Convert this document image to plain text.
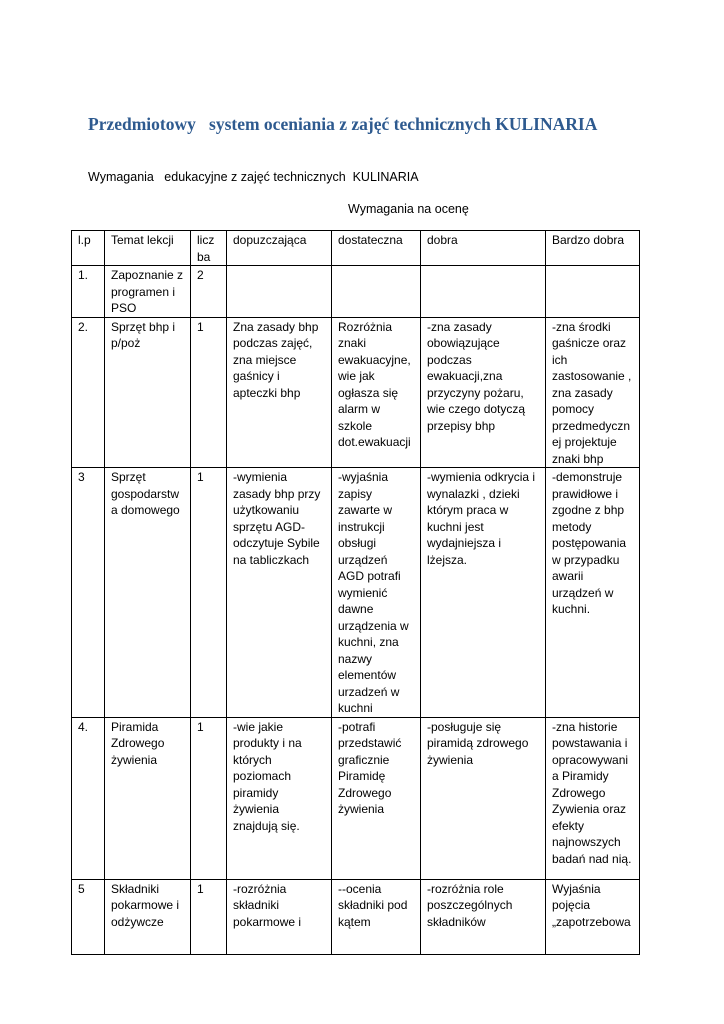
Przedmiotowy   system oceniania z zajęć technicznych KULINARIA

Wymagania   edukacyjne z zajęć technicznych  KULINARIA

Wymagania na ocenę

l.p	Temat lekcji	liczba	dopuzczająca	dostateczna	dobra	Bardzo dobra
1.	Zapoznanie z programen i PSO	2				
2.	Sprzęt bhp i p/poż	1	Zna zasady bhp podczas zajęć, zna miejsce gaśnicy i apteczki bhp	Rozróżnia znaki ewakuacyjne, wie jak ogłasza się alarm w szkole dot.ewakuacji	-zna zasady obowiązujące podczas ewakuacji,zna przyczyny pożaru, wie czego dotyczą przepisy bhp	-zna środki gaśnicze oraz ich zastosowanie , zna zasady pomocy przedmedycznej projektuje znaki bhp
3	Sprzęt gospodarstwa domowego	1	-wymienia zasady bhp przy użytkowaniu sprzętu AGD- odczytuje Sybile na tabliczkach	-wyjaśnia zapisy zawarte w instrukcji obsługi urządzeń AGD potrafi wymienić dawne urządzenia w kuchni, zna nazwy elementów urzadzeń w kuchni	-wymienia odkrycia i wynalazki , dzieki którym praca w kuchni jest wydajniejsza i lżejsza.	-demonstruje prawidłowe i zgodne z bhp metody postępowania w przypadku awarii urządzeń w kuchni.
4.	Piramida Zdrowego żywienia	1	-wie jakie produkty i na których poziomach piramidy żywienia znajdują się.	-potrafi przedstawić graficznie Piramidę Zdrowego żywienia	-posługuje się piramidą zdrowego żywienia	-zna historie powstawania i opracowywania Piramidy Zdrowego Zywienia oraz efekty najnowszych badań nad nią.
5	Składniki pokarmowe i odżywcze	1	-rozróżnia składniki pokarmowe i	--ocenia składniki pod kątem	-rozróżnia role poszczególnych składników	Wyjaśnia pojęcia „zapotrzebowa
